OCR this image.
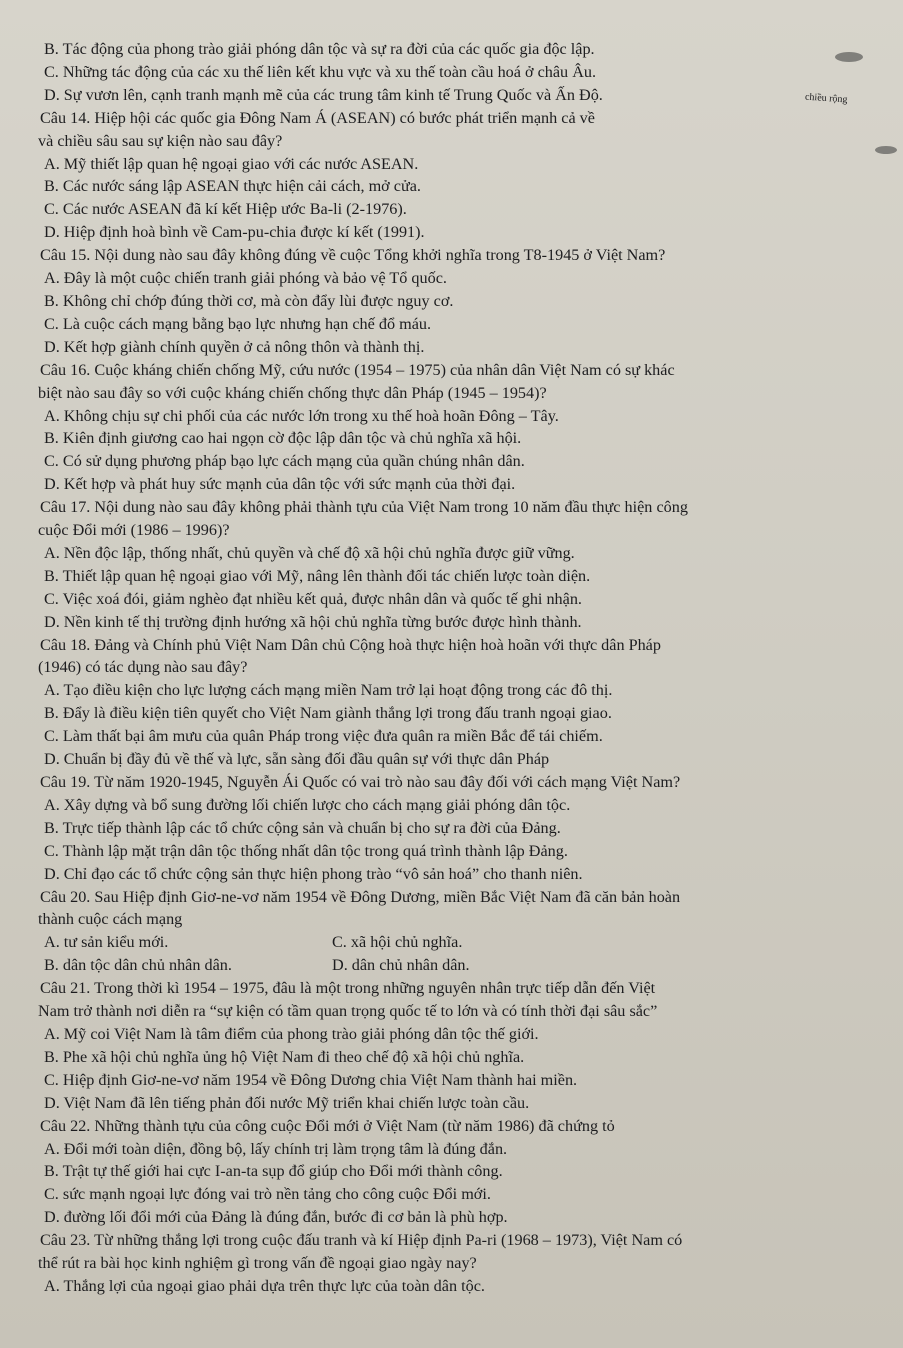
B. Tác động của phong trào giải phóng dân tộc và sự ra đời của các quốc gia độc lập.
C. Những tác động của các xu thế liên kết khu vực và xu thế toàn cầu hoá ở châu Âu.
D. Sự vươn lên, cạnh tranh mạnh mẽ của các trung tâm kinh tế Trung Quốc và Ấn Độ.
Câu 14. Hiệp hội các quốc gia Đông Nam Á (ASEAN) có bước phát triển mạnh cả về
và chiều sâu sau sự kiện nào sau đây?
A. Mỹ thiết lập quan hệ ngoại giao với các nước ASEAN.
B. Các nước sáng lập ASEAN thực hiện cải cách, mở cửa.
C. Các nước ASEAN đã kí kết Hiệp ước Ba-li (2-1976).
D. Hiệp định hoà bình về Cam-pu-chia được kí kết (1991).
Câu 15. Nội dung nào sau đây không đúng về cuộc Tổng khởi nghĩa trong T8-1945 ở Việt Nam?
A. Đây là một cuộc chiến tranh giải phóng và bảo vệ Tổ quốc.
B. Không chỉ chớp đúng thời cơ, mà còn đẩy lùi được nguy cơ.
C. Là cuộc cách mạng bằng bạo lực nhưng hạn chế đổ máu.
D. Kết hợp giành chính quyền ở cả nông thôn và thành thị.
Câu 16. Cuộc kháng chiến chống Mỹ, cứu nước (1954 – 1975) của nhân dân Việt Nam có sự khác
biệt nào sau đây so với cuộc kháng chiến chống thực dân Pháp (1945 – 1954)?
A. Không chịu sự chi phối của các nước lớn trong xu thế hoà hoãn Đông – Tây.
B. Kiên định giương cao hai ngọn cờ độc lập dân tộc và chủ nghĩa xã hội.
C. Có sử dụng phương pháp bạo lực cách mạng của quần chúng nhân dân.
D. Kết hợp và phát huy sức mạnh của dân tộc với sức mạnh của thời đại.
Câu 17. Nội dung nào sau đây không phải thành tựu của Việt Nam trong 10 năm đầu thực hiện công
cuộc Đổi mới (1986 – 1996)?
A. Nền độc lập, thống nhất, chủ quyền và chế độ xã hội chủ nghĩa được giữ vững.
B. Thiết lập quan hệ ngoại giao với Mỹ, nâng lên thành đối tác chiến lược toàn diện.
C. Việc xoá đói, giảm nghèo đạt nhiều kết quả, được nhân dân và quốc tế ghi nhận.
D. Nền kinh tế thị trường định hướng xã hội chủ nghĩa từng bước được hình thành.
Câu 18. Đảng và Chính phủ Việt Nam Dân chủ Cộng hoà thực hiện hoà hoãn với thực dân Pháp
(1946) có tác dụng nào sau đây?
A. Tạo điều kiện cho lực lượng cách mạng miền Nam trở lại hoạt động trong các đô thị.
B. Đẩy là điều kiện tiên quyết cho Việt Nam giành thắng lợi trong đấu tranh ngoại giao.
C. Làm thất bại âm mưu của quân Pháp trong việc đưa quân ra miền Bắc để tái chiếm.
D. Chuẩn bị đầy đủ về thế và lực, sẵn sàng đối đầu quân sự với thực dân Pháp
Câu 19. Từ năm 1920-1945, Nguyễn Ái Quốc có vai trò nào sau đây đối với cách mạng Việt Nam?
A. Xây dựng và bổ sung đường lối chiến lược cho cách mạng giải phóng dân tộc.
B. Trực tiếp thành lập các tổ chức cộng sản và chuẩn bị cho sự ra đời của Đảng.
C. Thành lập mặt trận dân tộc thống nhất dân tộc trong quá trình thành lập Đảng.
D. Chỉ đạo các tổ chức cộng sản thực hiện phong trào “vô sản hoá” cho thanh niên.
Câu 20. Sau Hiệp định Giơ-ne-vơ năm 1954 về Đông Dương, miền Bắc Việt Nam đã căn bản hoàn
thành cuộc cách mạng
A. tư sản kiểu mới.	C. xã hội chủ nghĩa.
B. dân tộc dân chủ nhân dân.	D. dân chủ nhân dân.
Câu 21. Trong thời kì 1954 – 1975, đâu là một trong những nguyên nhân trực tiếp dẫn đến Việt
Nam trở thành nơi diễn ra “sự kiện có tầm quan trọng quốc tế to lớn và có tính thời đại sâu sắc”
A. Mỹ coi Việt Nam là tâm điểm của phong trào giải phóng dân tộc thế giới.
B. Phe xã hội chủ nghĩa ủng hộ Việt Nam đi theo chế độ xã hội chủ nghĩa.
C. Hiệp định Giơ-ne-vơ năm 1954 về Đông Dương chia Việt Nam thành hai miền.
D. Việt Nam đã lên tiếng phản đối nước Mỹ triển khai chiến lược toàn cầu.
Câu 22. Những thành tựu của công cuộc Đổi mới ở Việt Nam (từ năm 1986) đã chứng tỏ
A. Đổi mới toàn diện, đồng bộ, lấy chính trị làm trọng tâm là đúng đắn.
B. Trật tự thế giới hai cực I-an-ta sụp đổ giúp cho Đổi mới thành công.
C. sức mạnh ngoại lực đóng vai trò nền tảng cho công cuộc Đổi mới.
D. đường lối đổi mới của Đảng là đúng đắn, bước đi cơ bản là phù hợp.
Câu 23. Từ những thắng lợi trong cuộc đấu tranh và kí Hiệp định Pa-ri (1968 – 1973), Việt Nam có
thể rút ra bài học kinh nghiệm gì trong vấn đề ngoại giao ngày nay?
A. Thắng lợi của ngoại giao phải dựa trên thực lực của toàn dân tộc.
chiều rộng
